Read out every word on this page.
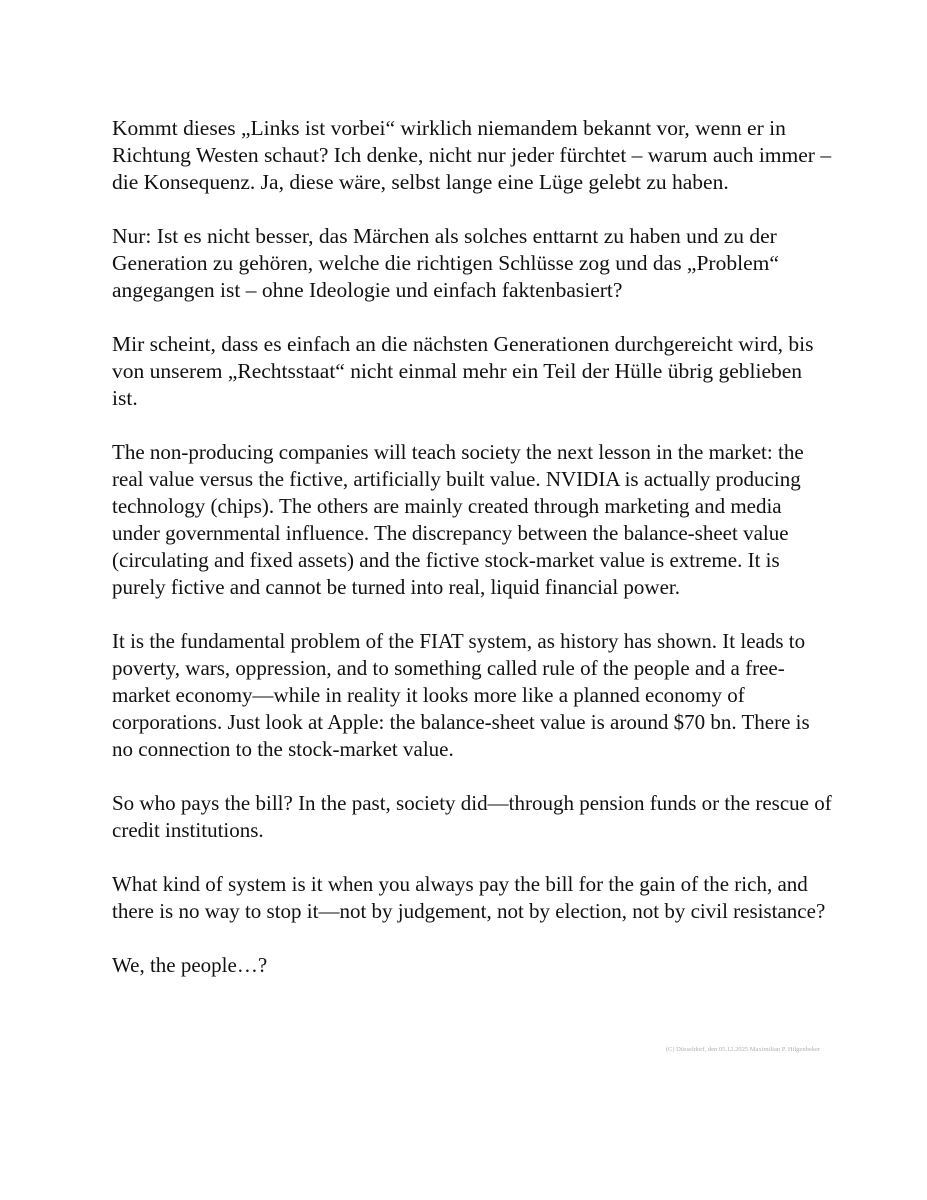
Kommt dieses „Links ist vorbei“ wirklich niemandem bekannt vor, wenn er in Richtung Westen schaut? Ich denke, nicht nur jeder fürchtet – warum auch immer – die Konsequenz. Ja, diese wäre, selbst lange eine Lüge gelebt zu haben.

Nur: Ist es nicht besser, das Märchen als solches enttarnt zu haben und zu der Generation zu gehören, welche die richtigen Schlüsse zog und das „Problem“ angegangen ist – ohne Ideologie und einfach faktenbasiert?

Mir scheint, dass es einfach an die nächsten Generationen durchgereicht wird, bis von unserem „Rechtsstaat“ nicht einmal mehr ein Teil der Hülle übrig geblieben ist.

The non-producing companies will teach society the next lesson in the market: the real value versus the fictive, artificially built value. NVIDIA is actually producing technology (chips). The others are mainly created through marketing and media under governmental influence. The discrepancy between the balance-sheet value (circulating and fixed assets) and the fictive stock-market value is extreme. It is purely fictive and cannot be turned into real, liquid financial power.

It is the fundamental problem of the FIAT system, as history has shown. It leads to poverty, wars, oppression, and to something called rule of the people and a free-market economy—while in reality it looks more like a planned economy of corporations. Just look at Apple: the balance-sheet value is around $70 bn. There is no connection to the stock-market value.

So who pays the bill? In the past, society did—through pension funds or the rescue of credit institutions.

What kind of system is it when you always pay the bill for the gain of the rich, and there is no way to stop it—not by judgement, not by election, not by civil resistance?

We, the people…?

(C) Düsseldorf, den 05.12.2025 Maximilian P. Hilgenbeker
